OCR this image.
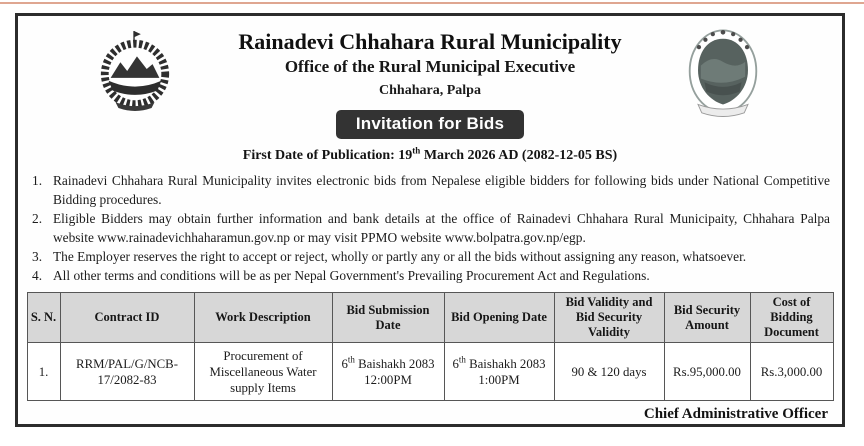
Rainadevi Chhahara Rural Municipality
Office of the Rural Municipal Executive
Chhahara, Palpa
Invitation for Bids
First Date of Publication: 19th March 2026 AD (2082-12-05 BS)
1. Rainadevi Chhahara Rural Municipality invites electronic bids from Nepalese eligible bidders for following bids under National Competitive Bidding procedures.
2. Eligible Bidders may obtain further information and bank details at the office of Rainadevi Chhahara Rural Municipaity, Chhahara Palpa website www.rainadevichhaharamun.gov.np or may visit PPMO website www.bolpatra.gov.np/egp.
3. The Employer reserves the right to accept or reject, wholly or partly any or all the bids without assigning any reason, whatsoever.
4. All other terms and conditions will be as per Nepal Government's Prevailing Procurement Act and Regulations.
S. N.	Contract ID	Work Description	Bid Submission Date	Bid Opening Date	Bid Validity and Bid Security Validity	Bid Security Amount	Cost of Bidding Document
1.	RRM/PAL/G/NCB-17/2082-83	Procurement of Miscellaneous Water supply Items	6th Baishakh 2083
12:00PM	6th Baishakh 2083
1:00PM	90 & 120 days	Rs.95,000.00	Rs.3,000.00
Chief Administrative Officer
